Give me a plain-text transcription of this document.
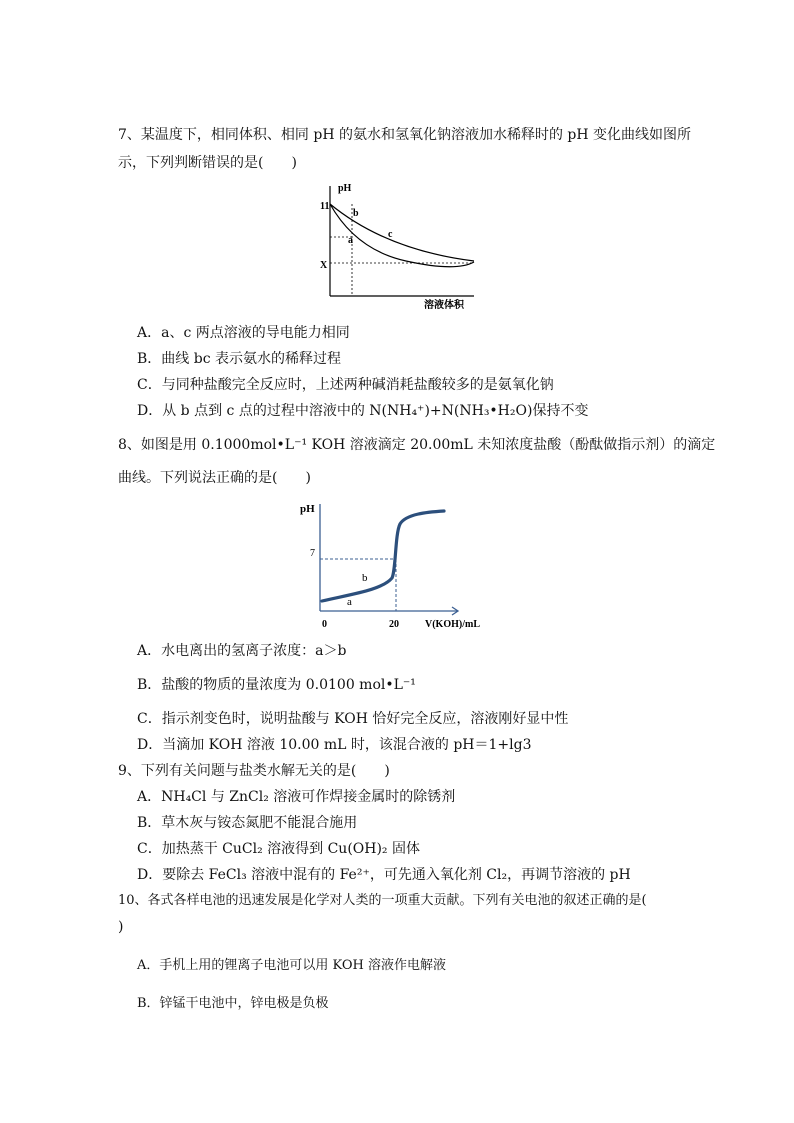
7、某温度下，相同体积、相同 pH 的氨水和氢氧化钠溶液加水稀释时的 pH 变化曲线如图所
示，下列判断错误的是(　　)
pH
11
X
溶液体积
b
a
c
A．a、c 两点溶液的导电能力相同
B．曲线 bc 表示氨水的稀释过程
C．与同种盐酸完全反应时，上述两种碱消耗盐酸较多的是氨氧化钠
D．从 b 点到 c 点的过程中溶液中的 N(NH₄⁺)+N(NH₃•H₂O)保持不变
8、如图是用 0.1000mol•L⁻¹ KOH 溶液滴定 20.00mL 未知浓度盐酸（酚酞做指示剂）的滴定
曲线。下列说法正确的是(　　)
pH
7
0	20	V(KOH)/mL
b
a
A．水电离出的氢离子浓度：a＞b
B．盐酸的物质的量浓度为 0.0100 mol•L⁻¹
C．指示剂变色时，说明盐酸与 KOH 恰好完全反应，溶液刚好显中性
D．当滴加 KOH 溶液 10.00 mL 时，该混合液的 pH＝1+lg3
9、下列有关问题与盐类水解无关的是(　　)
A．NH₄Cl 与 ZnCl₂ 溶液可作焊接金属时的除锈剂
B．草木灰与铵态氮肥不能混合施用
C．加热蒸干 CuCl₂ 溶液得到 Cu(OH)₂ 固体
D．要除去 FeCl₃ 溶液中混有的 Fe²⁺，可先通入氧化剂 Cl₂，再调节溶液的 pH
10、各式各样电池的迅速发展是化学对人类的一项重大贡献。下列有关电池的叙述正确的是(
)
A．手机上用的锂离子电池可以用 KOH 溶液作电解液
B．锌锰干电池中，锌电极是负极
